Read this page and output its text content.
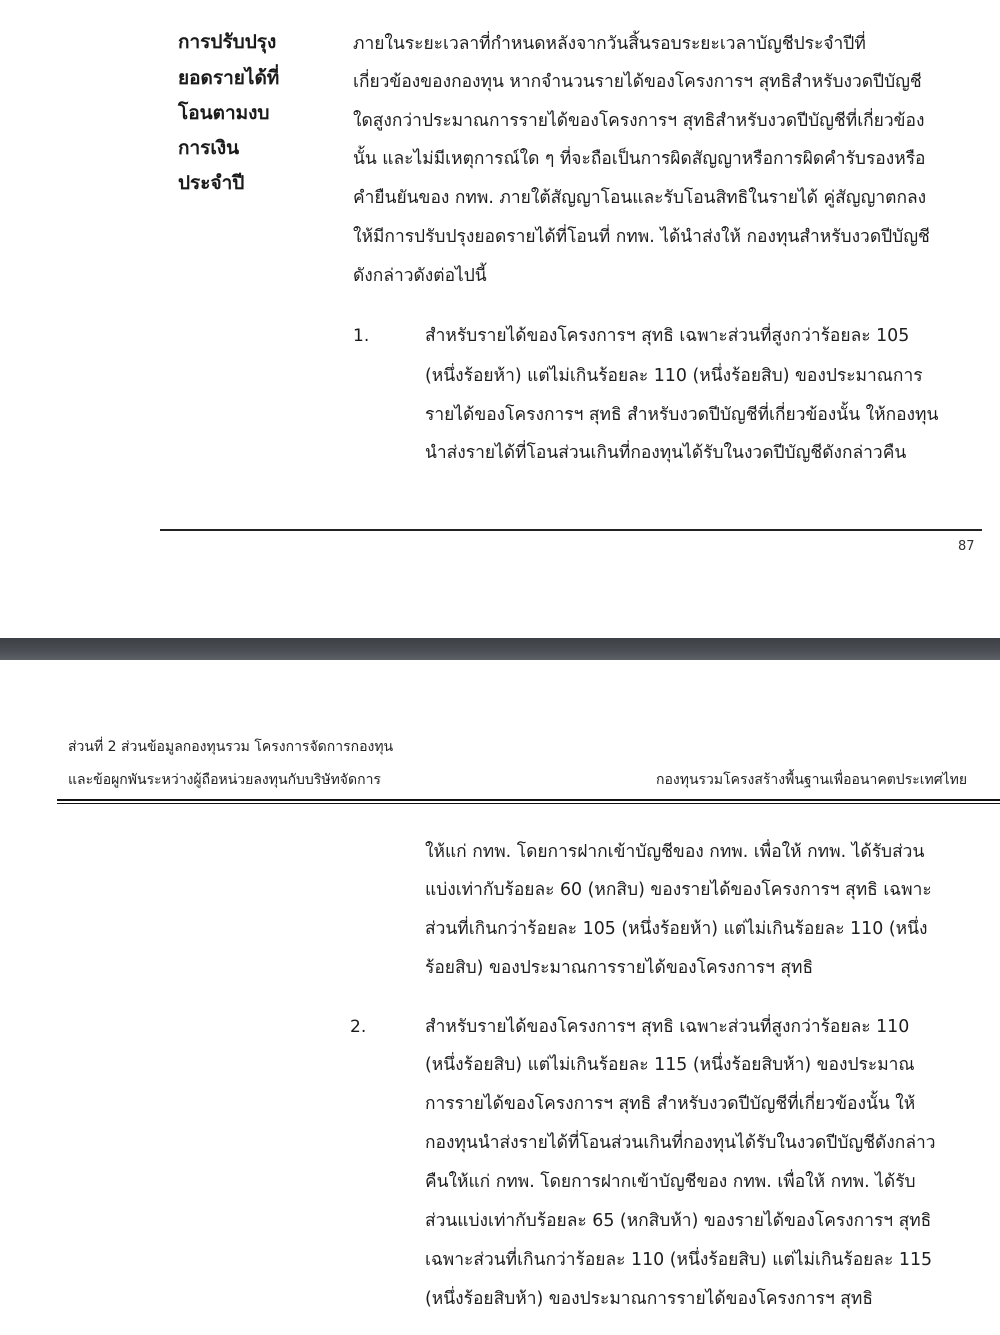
การปรับปรุง
ยอดรายได้ที่
โอนตามงบ
การเงิน
ประจำปี
ภายในระยะเวลาที่กำหนดหลังจากวันสิ้นรอบระยะเวลาบัญชีประจำปีที่
เกี่ยวข้องของกองทุน หากจำนวนรายได้ของโครงการฯ สุทธิสำหรับงวดปีบัญชี
ใดสูงกว่าประมาณการรายได้ของโครงการฯ สุทธิสำหรับงวดปีบัญชีที่เกี่ยวข้อง
นั้น และไม่มีเหตุการณ์ใด ๆ ที่จะถือเป็นการผิดสัญญาหรือการผิดคำรับรองหรือ
คำยืนยันของ กทพ. ภายใต้สัญญาโอนและรับโอนสิทธิในรายได้ คู่สัญญาตกลง
ให้มีการปรับปรุงยอดรายได้ที่โอนที่ กทพ. ได้นำส่งให้ กองทุนสำหรับงวดปีบัญชี
ดังกล่าวดังต่อไปนี้
1.	สำหรับรายได้ของโครงการฯ สุทธิ เฉพาะส่วนที่สูงกว่าร้อยละ 105
(หนึ่งร้อยห้า) แต่ไม่เกินร้อยละ 110 (หนึ่งร้อยสิบ) ของประมาณการ
รายได้ของโครงการฯ สุทธิ สำหรับงวดปีบัญชีที่เกี่ยวข้องนั้น ให้กองทุน
นำส่งรายได้ที่โอนส่วนเกินที่กองทุนได้รับในงวดปีบัญชีดังกล่าวคืน
87
ส่วนที่ 2 ส่วนข้อมูลกองทุนรวม โครงการจัดการกองทุน
และข้อผูกพันระหว่างผู้ถือหน่วยลงทุนกับบริษัทจัดการ	กองทุนรวมโครงสร้างพื้นฐานเพื่ออนาคตประเทศไทย
ให้แก่ กทพ. โดยการฝากเข้าบัญชีของ กทพ. เพื่อให้ กทพ. ได้รับส่วน
แบ่งเท่ากับร้อยละ 60 (หกสิบ) ของรายได้ของโครงการฯ สุทธิ เฉพาะ
ส่วนที่เกินกว่าร้อยละ 105 (หนึ่งร้อยห้า) แต่ไม่เกินร้อยละ 110 (หนึ่ง
ร้อยสิบ) ของประมาณการรายได้ของโครงการฯ สุทธิ
2.	สำหรับรายได้ของโครงการฯ สุทธิ เฉพาะส่วนที่สูงกว่าร้อยละ 110
(หนึ่งร้อยสิบ) แต่ไม่เกินร้อยละ 115 (หนึ่งร้อยสิบห้า) ของประมาณ
การรายได้ของโครงการฯ สุทธิ สำหรับงวดปีบัญชีที่เกี่ยวข้องนั้น ให้
กองทุนนำส่งรายได้ที่โอนส่วนเกินที่กองทุนได้รับในงวดปีบัญชีดังกล่าว
คืนให้แก่ กทพ. โดยการฝากเข้าบัญชีของ กทพ. เพื่อให้ กทพ. ได้รับ
ส่วนแบ่งเท่ากับร้อยละ 65 (หกสิบห้า) ของรายได้ของโครงการฯ สุทธิ
เฉพาะส่วนที่เกินกว่าร้อยละ 110 (หนึ่งร้อยสิบ) แต่ไม่เกินร้อยละ 115
(หนึ่งร้อยสิบห้า) ของประมาณการรายได้ของโครงการฯ สุทธิ
